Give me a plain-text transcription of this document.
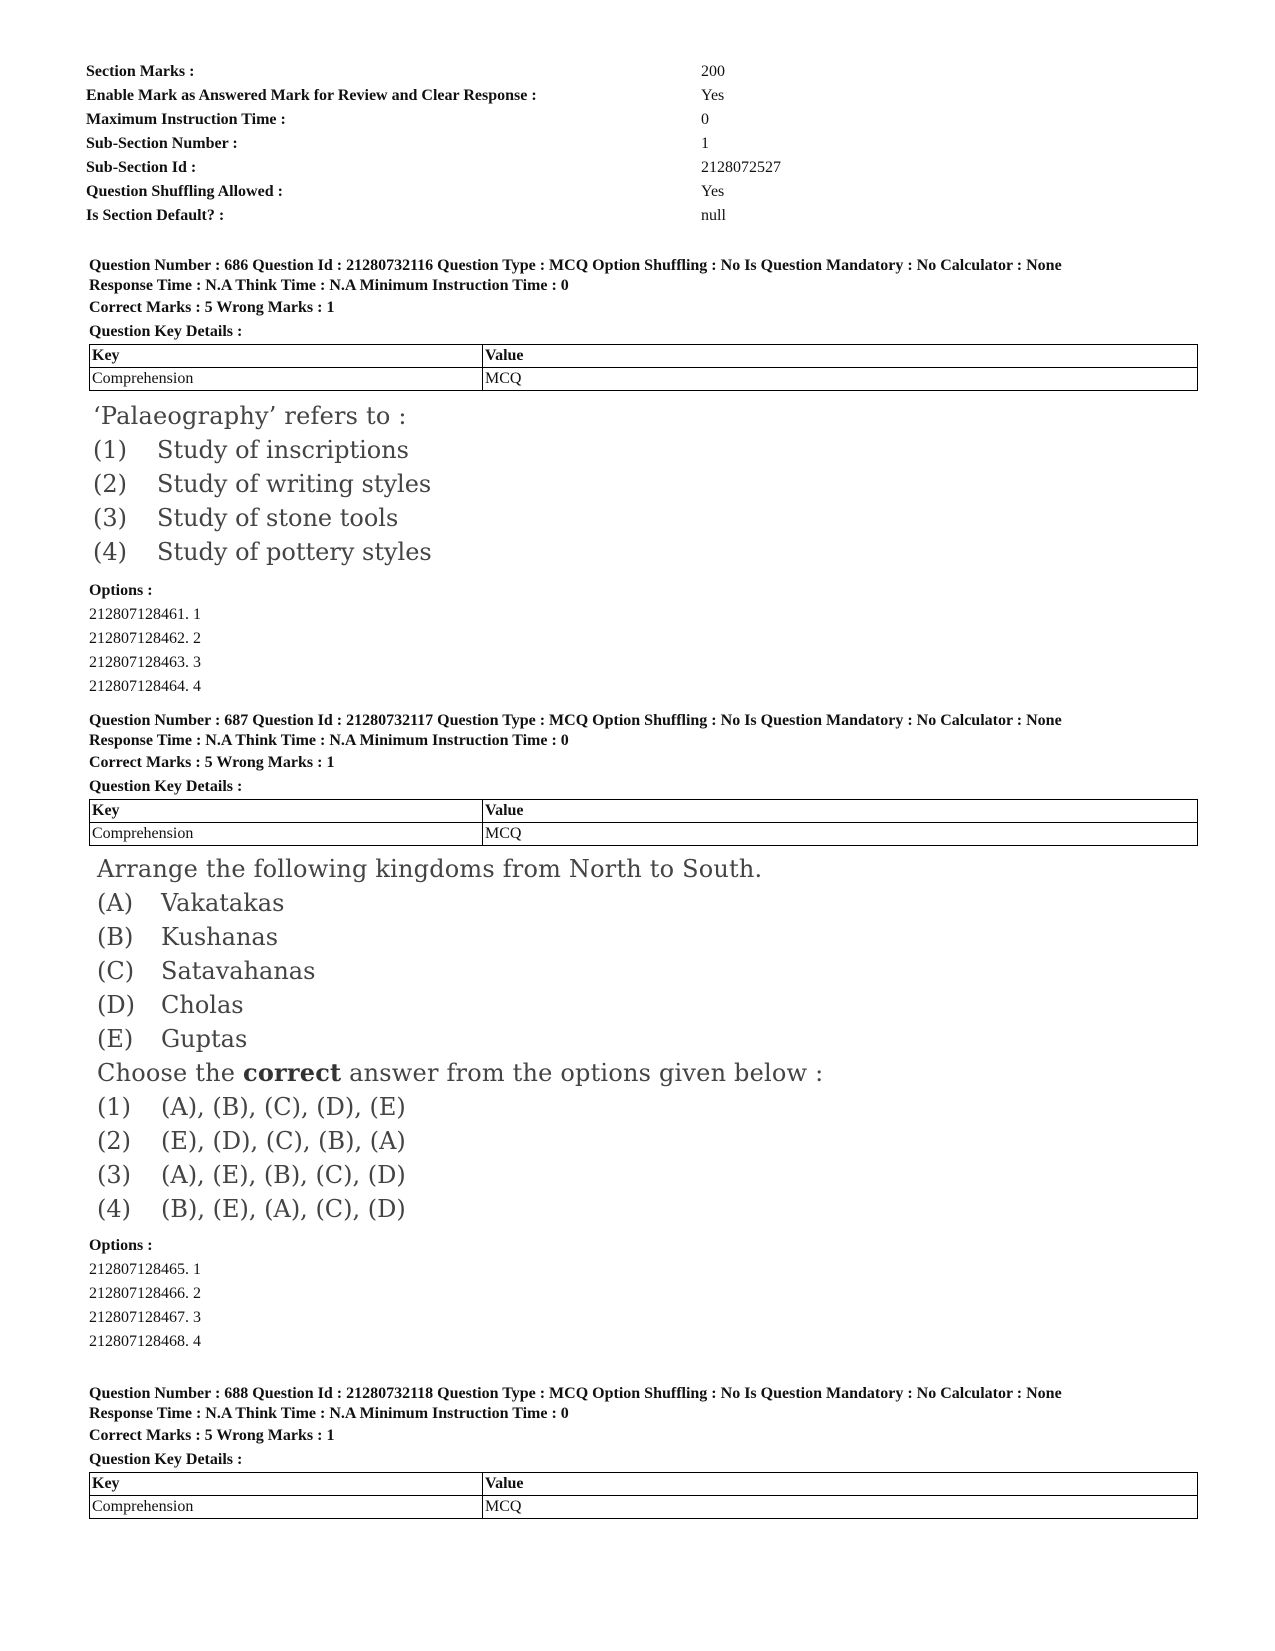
Section Marks :	200
Enable Mark as Answered Mark for Review and Clear Response :	Yes
Maximum Instruction Time :	0
Sub-Section Number :	1
Sub-Section Id :	2128072527
Question Shuffling Allowed :	Yes
Is Section Default? :	null
Question Number : 686 Question Id : 21280732116 Question Type : MCQ Option Shuffling : No Is Question Mandatory : No Calculator : None
Response Time : N.A Think Time : N.A Minimum Instruction Time : 0
Correct Marks : 5 Wrong Marks : 1
Question Key Details :
Key	Value
Comprehension	MCQ
‘Palaeography’ refers to :
(1)	Study of inscriptions
(2)	Study of writing styles
(3)	Study of stone tools
(4)	Study of pottery styles
Options :
212807128461. 1
212807128462. 2
212807128463. 3
212807128464. 4
Question Number : 687 Question Id : 21280732117 Question Type : MCQ Option Shuffling : No Is Question Mandatory : No Calculator : None
Response Time : N.A Think Time : N.A Minimum Instruction Time : 0
Correct Marks : 5 Wrong Marks : 1
Question Key Details :
Key	Value
Comprehension	MCQ
Arrange the following kingdoms from North to South.
(A)	Vakatakas
(B)	Kushanas
(C)	Satavahanas
(D)	Cholas
(E)	Guptas
Choose the correct answer from the options given below :
(1)	(A), (B), (C), (D), (E)
(2)	(E), (D), (C), (B), (A)
(3)	(A), (E), (B), (C), (D)
(4)	(B), (E), (A), (C), (D)
Options :
212807128465. 1
212807128466. 2
212807128467. 3
212807128468. 4
Question Number : 688 Question Id : 21280732118 Question Type : MCQ Option Shuffling : No Is Question Mandatory : No Calculator : None
Response Time : N.A Think Time : N.A Minimum Instruction Time : 0
Correct Marks : 5 Wrong Marks : 1
Question Key Details :
Key	Value
Comprehension	MCQ
